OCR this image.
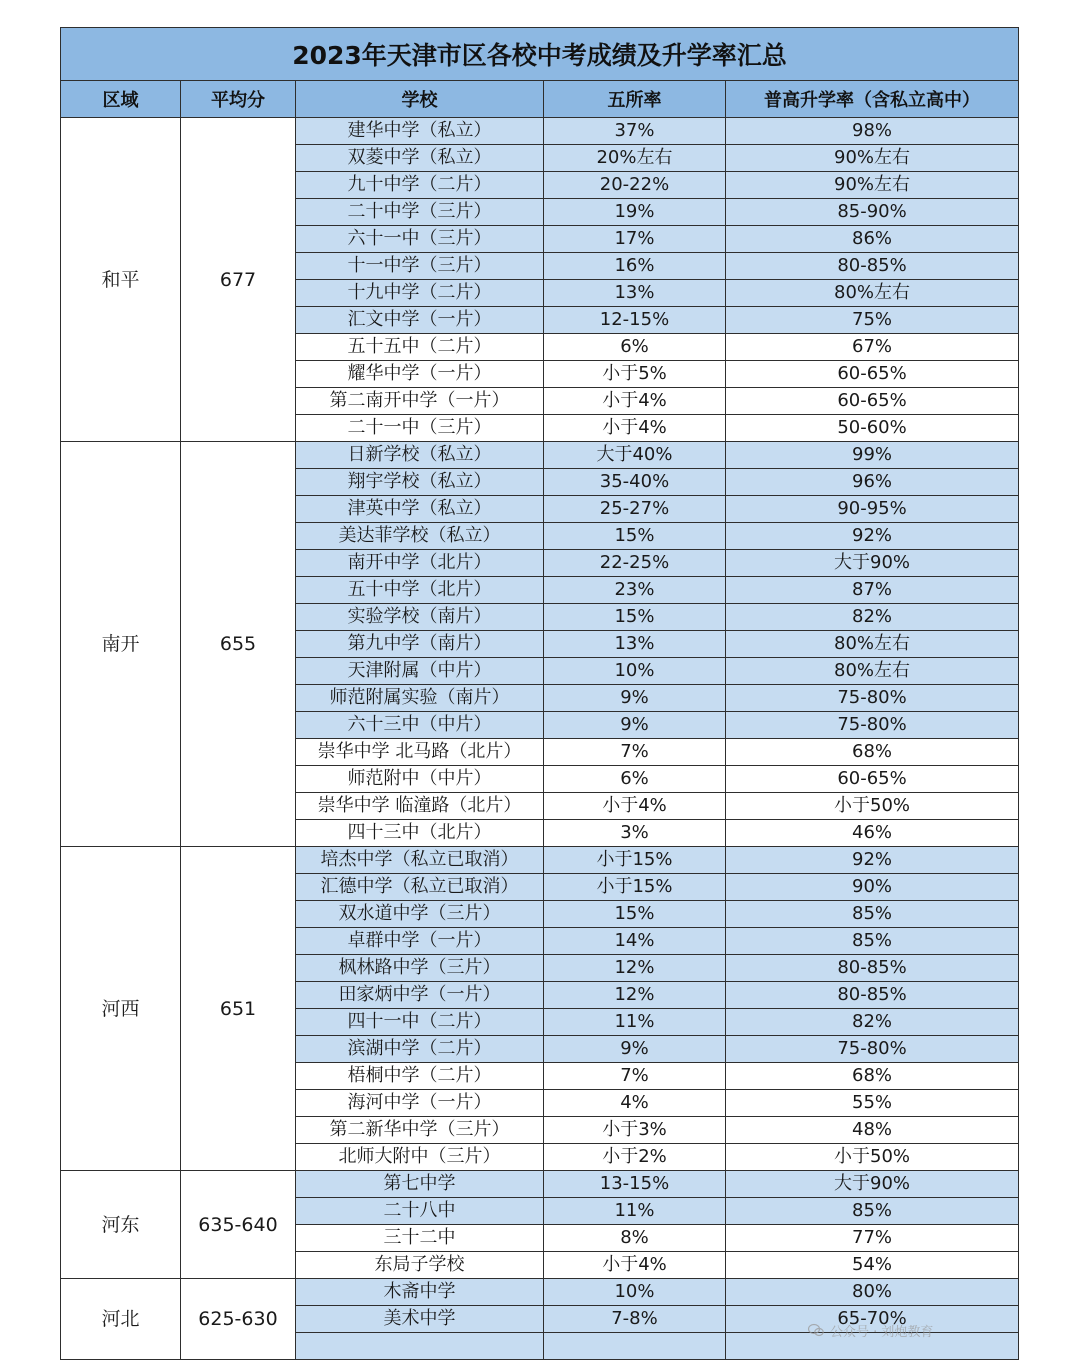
2023年天津市区各校中考成绩及升学率汇总				
区域	平均分	学校	五所率	普高升学率（含私立高中）
和平	677	建华中学（私立）	37%	98%
		双菱中学（私立）	20%左右	90%左右
		九十中学（二片）	20-22%	90%左右
		二十中学（三片）	19%	85-90%
		六十一中（三片）	17%	86%
		十一中学（三片）	16%	80-85%
		十九中学（二片）	13%	80%左右
		汇文中学（一片）	12-15%	75%
		五十五中（二片）	6%	67%
		耀华中学（一片）	小于5%	60-65%
		第二南开中学（一片）	小于4%	60-65%
		二十一中（三片）	小于4%	50-60%
南开	655	日新学校（私立）	大于40%	99%
		翔宇学校（私立）	35-40%	96%
		津英中学（私立）	25-27%	90-95%
		美达菲学校（私立）	15%	92%
		南开中学（北片）	22-25%	大于90%
		五十中学（北片）	23%	87%
		实验学校（南片）	15%	82%
		第九中学（南片）	13%	80%左右
		天津附属（中片）	10%	80%左右
		师范附属实验（南片）	9%	75-80%
		六十三中（中片）	9%	75-80%
		崇华中学 北马路（北片）	7%	68%
		师范附中（中片）	6%	60-65%
		崇华中学 临潼路（北片）	小于4%	小于50%
		四十三中（北片）	3%	46%
河西	651	培杰中学（私立已取消）	小于15%	92%
		汇德中学（私立已取消）	小于15%	90%
		双水道中学（三片）	15%	85%
		卓群中学（一片）	14%	85%
		枫林路中学（三片）	12%	80-85%
		田家炳中学（一片）	12%	80-85%
		四十一中（二片）	11%	82%
		滨湖中学（二片）	9%	75-80%
		梧桐中学（二片）	7%	68%
		海河中学（一片）	4%	55%
		第二新华中学（三片）	小于3%	48%
		北师大附中（三片）	小于2%	小于50%
河东	635-640	第七中学	13-15%	大于90%
		二十八中	11%	85%
		三十二中	8%	77%
		东局子学校	小于4%	54%
河北	625-630	木斋中学	10%	80%
		美术中学	7-8%	65-70%

公众号 · 刘炮教育
